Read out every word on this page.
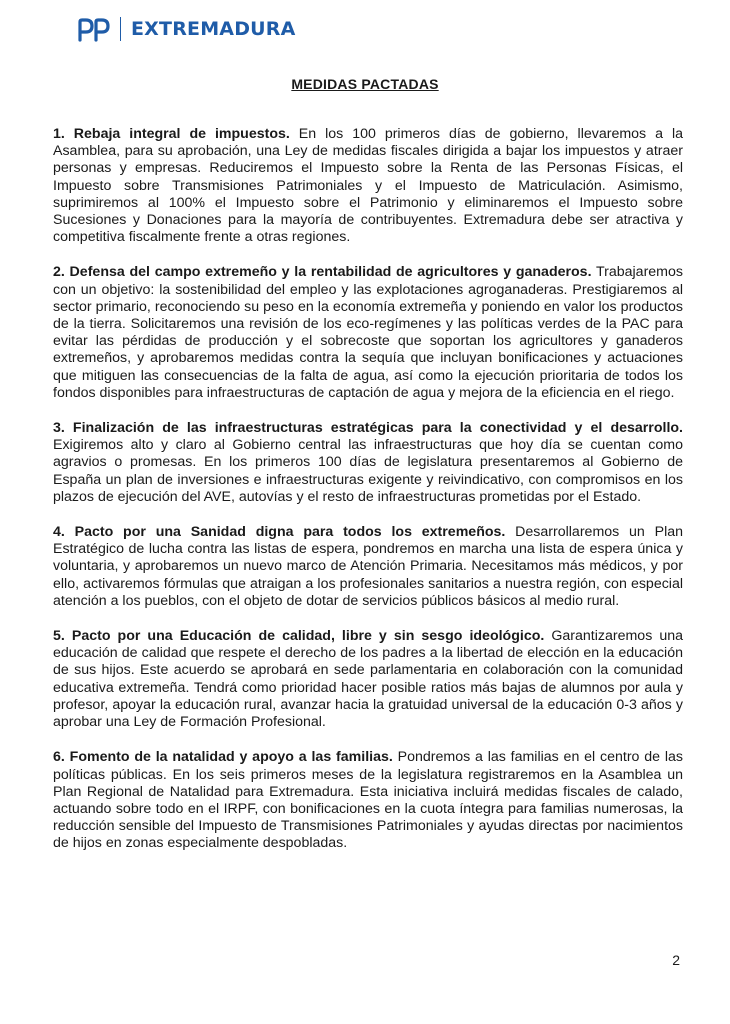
EXTREMADURA
MEDIDAS PACTADAS

1. Rebaja integral de impuestos. En los 100 primeros días de gobierno, llevaremos a la Asamblea, para su aprobación, una Ley de medidas fiscales dirigida a bajar los impuestos y atraer personas y empresas. Reduciremos el Impuesto sobre la Renta de las Personas Físicas, el Impuesto sobre Transmisiones Patrimoniales y el Impuesto de Matriculación. Asimismo, suprimiremos al 100% el Impuesto sobre el Patrimonio y eliminaremos el Impuesto sobre Sucesiones y Donaciones para la mayoría de contribuyentes. Extremadura debe ser atractiva y competitiva fiscalmente frente a otras regiones.

2. Defensa del campo extremeño y la rentabilidad de agricultores y ganaderos. Trabajaremos con un objetivo: la sostenibilidad del empleo y las explotaciones agroganaderas. Prestigiaremos al sector primario, reconociendo su peso en la economía extremeña y poniendo en valor los productos de la tierra. Solicitaremos una revisión de los eco-regímenes y las políticas verdes de la PAC para evitar las pérdidas de producción y el sobrecoste que soportan los agricultores y ganaderos extremeños, y aprobaremos medidas contra la sequía que incluyan bonificaciones y actuaciones que mitiguen las consecuencias de la falta de agua, así como la ejecución prioritaria de todos los fondos disponibles para infraestructuras de captación de agua y mejora de la eficiencia en el riego.

3. Finalización de las infraestructuras estratégicas para la conectividad y el desarrollo. Exigiremos alto y claro al Gobierno central las infraestructuras que hoy día se cuentan como agravios o promesas. En los primeros 100 días de legislatura presentaremos al Gobierno de España un plan de inversiones e infraestructuras exigente y reivindicativo, con compromisos en los plazos de ejecución del AVE, autovías y el resto de infraestructuras prometidas por el Estado.

4. Pacto por una Sanidad digna para todos los extremeños. Desarrollaremos un Plan Estratégico de lucha contra las listas de espera, pondremos en marcha una lista de espera única y voluntaria, y aprobaremos un nuevo marco de Atención Primaria. Necesitamos más médicos, y por ello, activaremos fórmulas que atraigan a los profesionales sanitarios a nuestra región, con especial atención a los pueblos, con el objeto de dotar de servicios públicos básicos al medio rural.

5. Pacto por una Educación de calidad, libre y sin sesgo ideológico. Garantizaremos una educación de calidad que respete el derecho de los padres a la libertad de elección en la educación de sus hijos. Este acuerdo se aprobará en sede parlamentaria en colaboración con la comunidad educativa extremeña. Tendrá como prioridad hacer posible ratios más bajas de alumnos por aula y profesor, apoyar la educación rural, avanzar hacia la gratuidad universal de la educación 0-3 años y aprobar una Ley de Formación Profesional.

6. Fomento de la natalidad y apoyo a las familias. Pondremos a las familias en el centro de las políticas públicas. En los seis primeros meses de la legislatura registraremos en la Asamblea un Plan Regional de Natalidad para Extremadura. Esta iniciativa incluirá medidas fiscales de calado, actuando sobre todo en el IRPF, con bonificaciones en la cuota íntegra para familias numerosas, la reducción sensible del Impuesto de Transmisiones Patrimoniales y ayudas directas por nacimientos de hijos en zonas especialmente despobladas.

2
